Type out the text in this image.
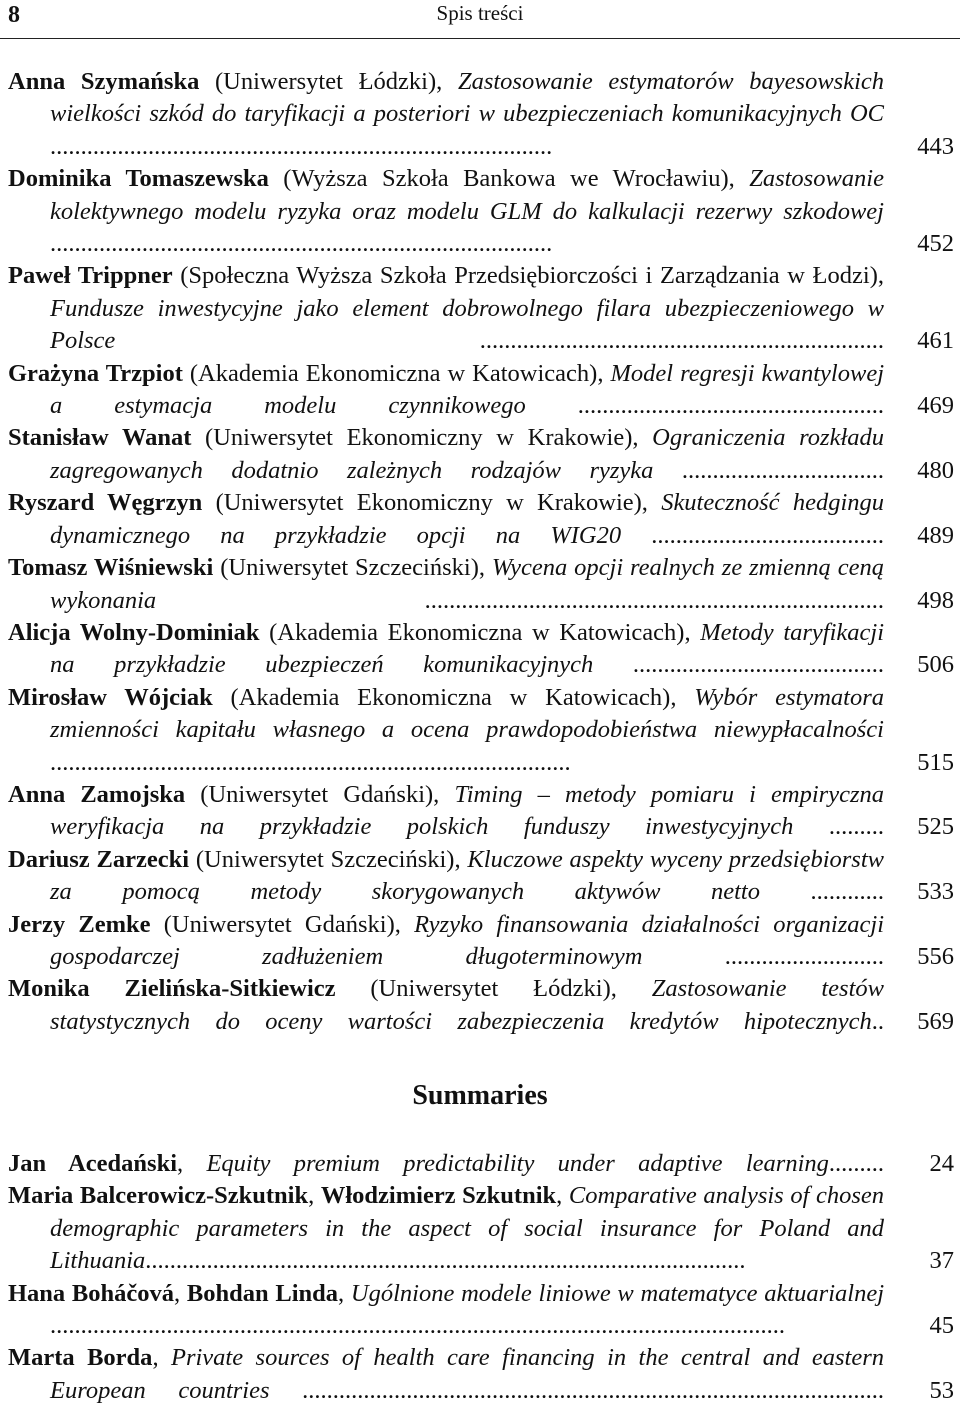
8	Spis treści
Anna Szymańska (Uniwersytet Łódzki), Zastosowanie estymatorów bayesowskich wielkości szkód do taryfikacji a posteriori w ubezpieczeniach komunikacyjnych OC ..................................................................................	443
Dominika Tomaszewska (Wyższa Szkoła Bankowa we Wrocławiu), Zastosowanie kolektywnego modelu ryzyka oraz modelu GLM do kalkulacji rezerwy szkodowej ..................................................................................	452
Paweł Trippner (Społeczna Wyższa Szkoła Przedsiębiorczości i Zarządzania w Łodzi), Fundusze inwestycyjne jako element dobrowolnego filara ubezpieczeniowego w Polsce .................................................................. 461
Grażyna Trzpiot (Akademia Ekonomiczna w Katowicach), Model regresji kwantylowej a estymacja modelu czynnikowego .................................................. 469
Stanisław Wanat (Uniwersytet Ekonomiczny w Krakowie), Ograniczenia rozkładu zagregowanych dodatnio zależnych rodzajów ryzyka ................................. 480
Ryszard Węgrzyn (Uniwersytet Ekonomiczny w Krakowie), Skuteczność hedgingu dynamicznego na przykładzie opcji na WIG20 ...................................... 489
Tomasz Wiśniewski (Uniwersytet Szczeciński), Wycena opcji realnych ze zmienną ceną wykonania ........................................................................... 498
Alicja Wolny-Dominiak (Akademia Ekonomiczna w Katowicach), Metody taryfikacji na przykładzie ubezpieczeń komunikacyjnych ......................................... 506
Mirosław Wójciak (Akademia Ekonomiczna w Katowicach), Wybór estymatora zmienności kapitału własnego a ocena prawdopodobieństwa niewypłacalności .....................................................................................	515
Anna Zamojska (Uniwersytet Gdański), Timing – metody pomiaru i empiryczna weryfikacja na przykładzie polskich funduszy inwestycyjnych ......... 525
Dariusz Zarzecki (Uniwersytet Szczeciński), Kluczowe aspekty wyceny przedsiębiorstw za pomocą metody skorygowanych aktywów netto ............ 533
Jerzy Zemke (Uniwersytet Gdański), Ryzyko finansowania działalności organizacji gospodarczej zadłużeniem długoterminowym .......................... 556
Monika Zielińska-Sitkiewicz (Uniwersytet Łódzki), Zastosowanie testów statystycznych do oceny wartości zabezpieczenia kredytów hipotecznych.. 569
Summaries
Jan Acedański, Equity premium predictability under adaptive learning......... 24
Maria Balcerowicz-Szkutnik, Włodzimierz Szkutnik, Comparative analysis of chosen demographic parameters in the aspect of social insurance for Poland and Lithuania..................................................................................................	37
Hana Boháčová, Bohdan Linda, Ugólnione modele liniowe w matematyce aktuarialnej ........................................................................................................................	45
Marta Borda, Private sources of health care financing in the central and eastern European countries ............................................................................................... 53
